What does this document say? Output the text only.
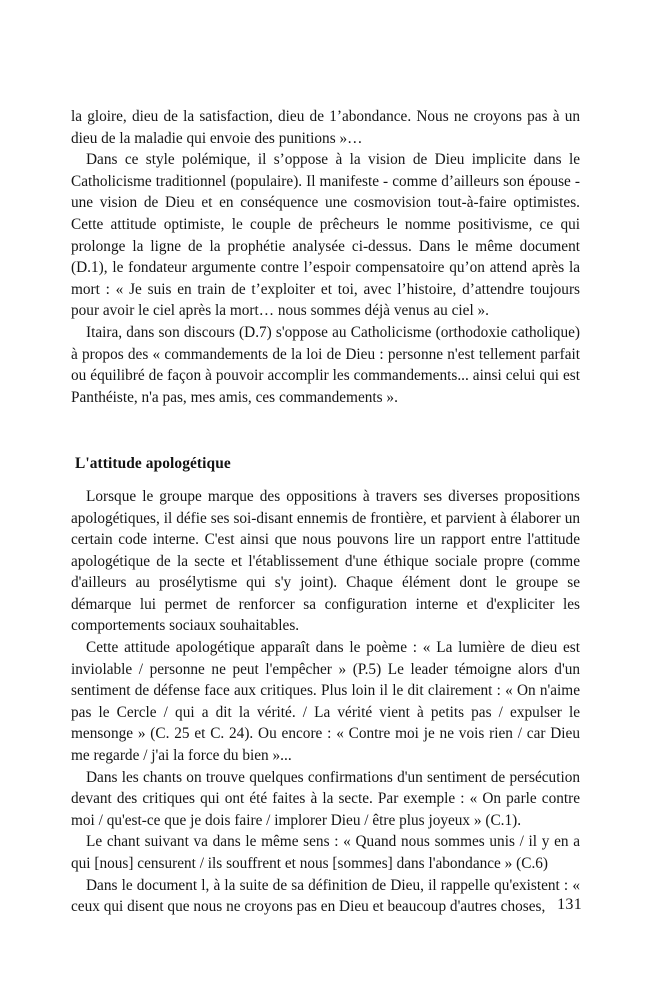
la gloire, dieu de la satisfaction, dieu de 1’abondance. Nous ne croyons pas à un dieu de la maladie qui envoie des punitions »…

Dans ce style polémique, il s’oppose à la vision de Dieu implicite dans le Catholicisme traditionnel (populaire). Il manifeste - comme d’ailleurs son épouse - une vision de Dieu et en conséquence une cosmovision tout-à-faire optimistes. Cette attitude optimiste, le couple de prêcheurs le nomme positivisme, ce qui prolonge la ligne de la prophétie analysée ci-dessus. Dans le même document (D.1), le fondateur argumente contre l’espoir compensatoire qu’on attend après la mort : « Je suis en train de t’exploiter et toi, avec l’histoire, d’attendre toujours pour avoir le ciel après la mort… nous sommes déjà venus au ciel ».

Itaira, dans son discours (D.7) s'oppose au Catholicisme (orthodoxie catholique) à propos des « commandements de la loi de Dieu : personne n'est tellement parfait ou équilibré de façon à pouvoir accomplir les commandements... ainsi celui qui est Panthéiste, n'a pas, mes amis, ces commandements ».

L'attitude apologétique

Lorsque le groupe marque des oppositions à travers ses diverses propositions apologétiques, il défie ses soi-disant ennemis de frontière, et parvient à élaborer un certain code interne. C'est ainsi que nous pouvons lire un rapport entre l'attitude apologétique de la secte et l'établissement d'une éthique sociale propre (comme d'ailleurs au prosélytisme qui s'y joint). Chaque élément dont le groupe se démarque lui permet de renforcer sa configuration interne et d'expliciter les comportements sociaux souhaitables.

Cette attitude apologétique apparaît dans le poème : « La lumière de dieu est inviolable / personne ne peut l'empêcher » (P.5) Le leader témoigne alors d'un sentiment de défense face aux critiques. Plus loin il le dit clairement : « On n'aime pas le Cercle / qui a dit la vérité. / La vérité vient à petits pas / expulser le mensonge » (C. 25 et C. 24). Ou encore : « Contre moi je ne vois rien / car Dieu me regarde / j'ai la force du bien »...

Dans les chants on trouve quelques confirmations d'un sentiment de persécution devant des critiques qui ont été faites à la secte. Par exemple : « On parle contre moi / qu'est-ce que je dois faire / implorer Dieu / être plus joyeux » (C.1).

Le chant suivant va dans le même sens : « Quand nous sommes unis / il y en a qui [nous] censurent / ils souffrent et nous [sommes] dans l'abondance » (C.6)

Dans le document l, à la suite de sa définition de Dieu, il rappelle qu'existent : « ceux qui disent que nous ne croyons pas en Dieu et beaucoup d'autres choses, 131
